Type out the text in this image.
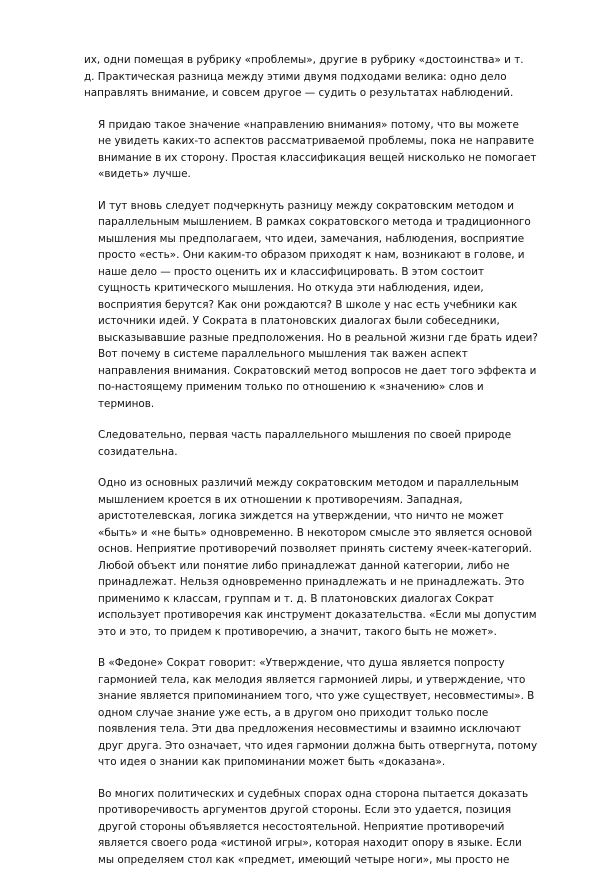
их, одни помещая в рубрику «проблемы», другие в рубрику «достоинства» и т.
д. Практическая разница между этими двумя подходами велика: одно дело
направлять внимание, и совсем другое — судить о результатах наблюдений.
Я придаю такое значение «направлению внимания» потому, что вы можете
не увидеть каких-то аспектов рассматриваемой проблемы, пока не направите
внимание в их сторону. Простая классификация вещей нисколько не помогает
«видеть» лучше.
И тут вновь следует подчеркнуть разницу между сократовским методом и
параллельным мышлением. В рамках сократовского метода и традиционного
мышления мы предполагаем, что идеи, замечания, наблюдения, восприятие
просто «есть». Они каким-то образом приходят к нам, возникают в голове, и
наше дело — просто оценить их и классифицировать. В этом состоит
сущность критического мышления. Но откуда эти наблюдения, идеи,
восприятия берутся? Как они рождаются? В школе у нас есть учебники как
источники идей. У Сократа в платоновских диалогах были собеседники,
высказывавшие разные предположения. Но в реальной жизни где брать идеи?
Вот почему в системе параллельного мышления так важен аспект
направления внимания. Сократовский метод вопросов не дает того эффекта и
по-настоящему применим только по отношению к «значению» слов и
терминов.
Следовательно, первая часть параллельного мышления по своей природе
созидательна.
Одно из основных различий между сократовским методом и параллельным
мышлением кроется в их отношении к противоречиям. Западная,
аристотелевская, логика зиждется на утверждении, что ничто не может
«быть» и «не быть» одновременно. В некотором смысле это является основой
основ. Неприятие противоречий позволяет принять систему ячеек-категорий.
Любой объект или понятие либо принадлежат данной категории, либо не
принадлежат. Нельзя одновременно принадлежать и не принадлежать. Это
применимо к классам, группам и т. д. В платоновских диалогах Сократ
использует противоречия как инструмент доказательства. «Если мы допустим
это и это, то придем к противоречию, а значит, такого быть не может».
В «Федоне» Сократ говорит: «Утверждение, что душа является попросту
гармонией тела, как мелодия является гармонией лиры, и утверждение, что
знание является припоминанием того, что уже существует, несовместимы». В
одном случае знание уже есть, а в другом оно приходит только после
появления тела. Эти два предложения несовместимы и взаимно исключают
друг друга. Это означает, что идея гармонии должна быть отвергнута, потому
что идея о знании как припоминании может быть «доказана».
Во многих политических и судебных спорах одна сторона пытается доказать
противоречивость аргументов другой стороны. Если это удается, позиция
другой стороны объявляется несостоятельной. Неприятие противоречий
является своего рода «истиной игры», которая находит опору в языке. Если
мы определяем стол как «предмет, имеющий четыре ноги», мы просто не
